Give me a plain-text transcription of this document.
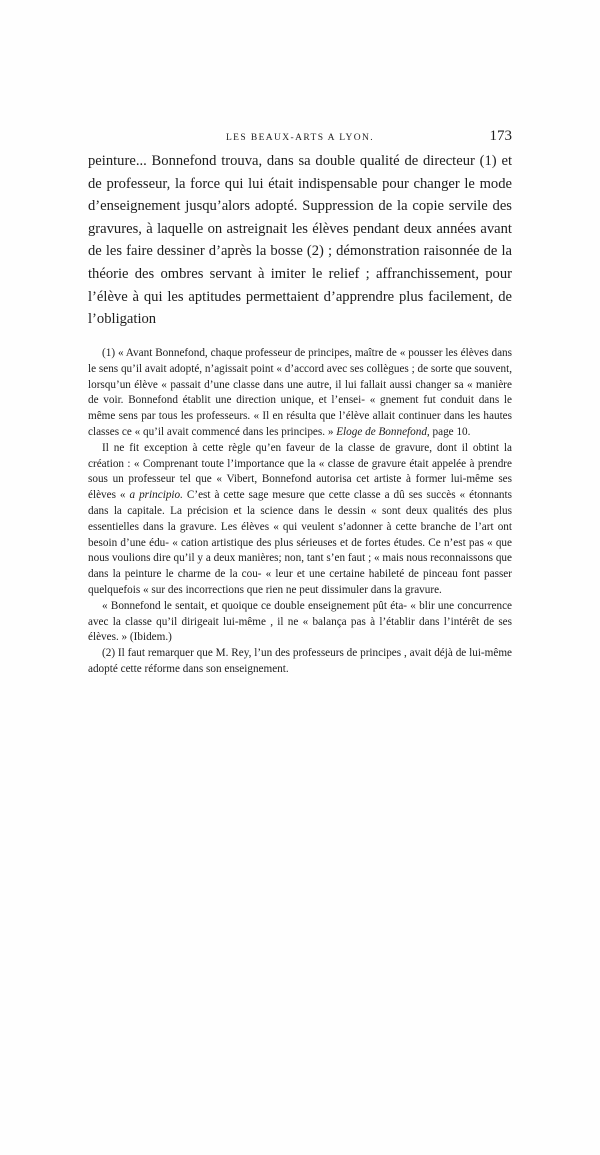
LES BEAUX-ARTS A LYON.	173

peinture... Bonnefond trouva, dans sa double qualité de directeur (1) et de professeur, la force qui lui était indispensable pour changer le mode d’enseignement jusqu’alors adopté. Suppression de la copie servile des gravures, à laquelle on astreignait les élèves pendant deux années avant de les faire dessiner d’après la bosse (2) ; démonstration raisonnée de la théorie des ombres servant à imiter le relief ; affranchissement, pour l’élève à qui les aptitudes permettaient d’apprendre plus facilement, de l’obligation

(1) « Avant Bonnefond, chaque professeur de principes, maître de « pousser les élèves dans le sens qu’il avait adopté, n’agissait point « d’accord avec ses collègues ; de sorte que souvent, lorsqu’un élève « passait d’une classe dans une autre, il lui fallait aussi changer sa « manière de voir. Bonnefond établit une direction unique, et l’ensei- « gnement fut conduit dans le même sens par tous les professeurs. « Il en résulta que l’élève allait continuer dans les hautes classes ce « qu’il avait commencé dans les principes. » Eloge de Bonnefond, page 10.

Il ne fit exception à cette règle qu’en faveur de la classe de gravure, dont il obtint la création : « Comprenant toute l’importance que la « classe de gravure était appelée à prendre sous un professeur tel que « Vibert, Bonnefond autorisa cet artiste à former lui-même ses élèves « a principio. C’est à cette sage mesure que cette classe a dû ses succès « étonnants dans la capitale. La précision et la science dans le dessin « sont deux qualités des plus essentielles dans la gravure. Les élèves « qui veulent s’adonner à cette branche de l’art ont besoin d’une édu- « cation artistique des plus sérieuses et de fortes études. Ce n’est pas « que nous voulions dire qu’il y a deux manières; non, tant s’en faut ; « mais nous reconnaissons que dans la peinture le charme de la cou- « leur et une certaine habileté de pinceau font passer quelquefois « sur des incorrections que rien ne peut dissimuler dans la gravure.

« Bonnefond le sentait, et quoique ce double enseignement pût éta- « blir une concurrence avec la classe qu’il dirigeait lui-même , il ne « balança pas à l’établir dans l’intérêt de ses élèves. » (Ibidem.)

(2) Il faut remarquer que M. Rey, l’un des professeurs de principes , avait déjà de lui-même adopté cette réforme dans son enseignement.
